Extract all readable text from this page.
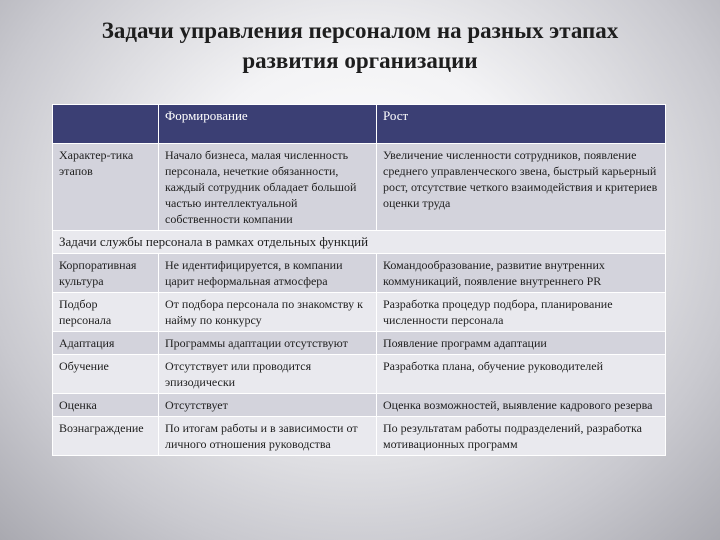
Задачи управления персоналом на разных этапах
развития организации
	Формирование	Рост
Характер-тика этапов	Начало бизнеса, малая численность персонала, нечеткие обязанности, каждый сотрудник обладает большой частью интеллектуальной собственности компании	Увеличение численности сотрудников, появление среднего управленческого звена, быстрый карьерный рост, отсутствие четкого взаимодействия и критериев оценки труда
Задачи службы персонала в рамках отдельных функций		
Корпоративная культура	Не идентифицируется, в компании царит неформальная атмосфера	Командообразование, развитие внутренних коммуникаций, появление внутреннего PR
Подбор персонала	От подбора персонала по знакомству к найму по конкурсу	Разработка процедур подбора, планирование численности персонала
Адаптация	Программы адаптации отсутствуют	Появление программ адаптации
Обучение	Отсутствует или проводится эпизодически	Разработка плана, обучение руководителей
Оценка	Отсутствует	Оценка возможностей, выявление кадрового резерва
Вознаграждение	По итогам работы и в зависимости от личного отношения руководства	По результатам работы подразделений, разработка мотивационных программ
